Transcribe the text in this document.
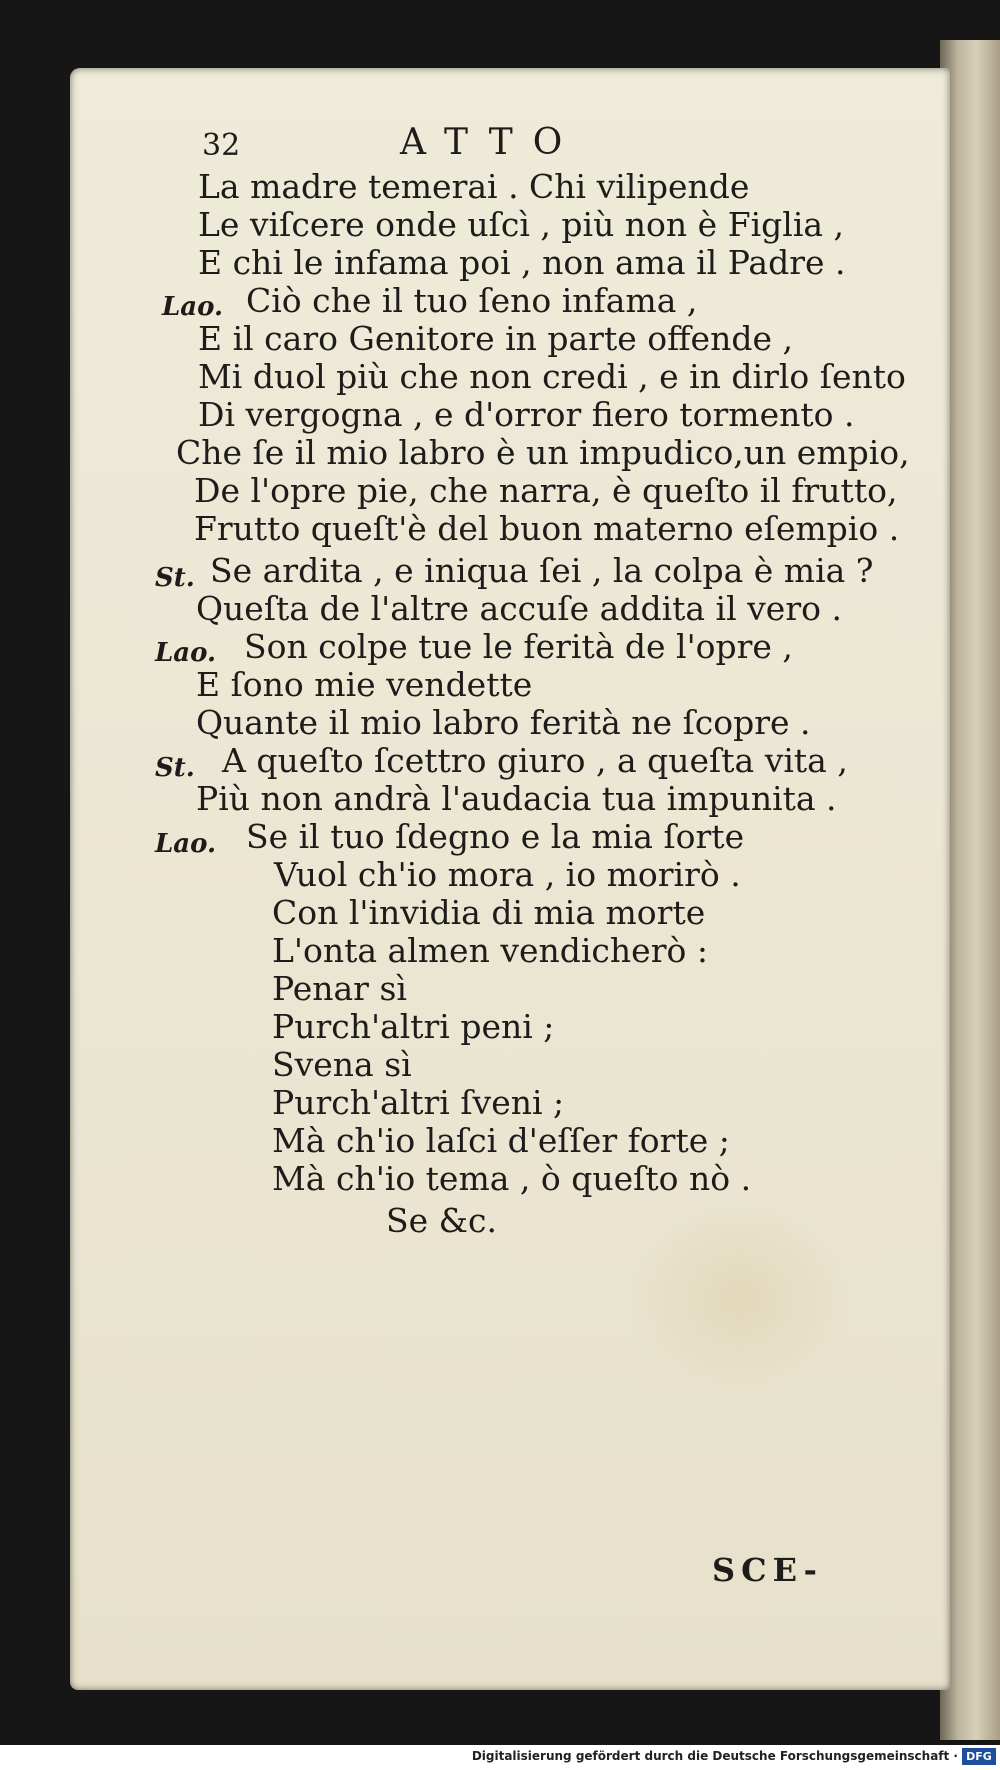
32	ATTO
Lao.
St.
Lao.
St.
Lao.
La madre temerai . Chi vilipende
Le viſcere onde uſcì , più non è Figlia ,
E chi le infama poi , non ama il Padre .
Ciò che il tuo ſeno infama ,
E il caro Genitore in parte offende ,
Mi duol più che non credi , e in dirlo ſento
Di vergogna , e d'orror fiero tormento .
Che ſe il mio labro è un impudico,un empio,
De l'opre pie, che narra, è queſto il frutto,
Frutto queſt'è del buon materno eſempio .
Se ardita , e iniqua ſei , la colpa è mia ?
Queſta de l'altre accuſe addita il vero .
Son colpe tue le ferità de l'opre ,
E ſono mie vendette
Quante il mio labro ferità ne ſcopre .
A queſto ſcettro giuro , a queſta vita ,
Più non andrà l'audacia tua impunita .
Se il tuo ſdegno e la mia ſorte
Vuol ch'io mora , io morirò .
Con l'invidia di mia morte
L'onta almen vendicherò :
Penar sì
Purch'altri peni ;
Svena sì
Purch'altri ſveni ;
Mà ch'io laſci d'eſſer forte ;
Mà ch'io tema , ò queſto nò .
Se &c.
SCE-
Digitalisierung gefördert durch die Deutsche Forschungsgemeinschaft · DFG
